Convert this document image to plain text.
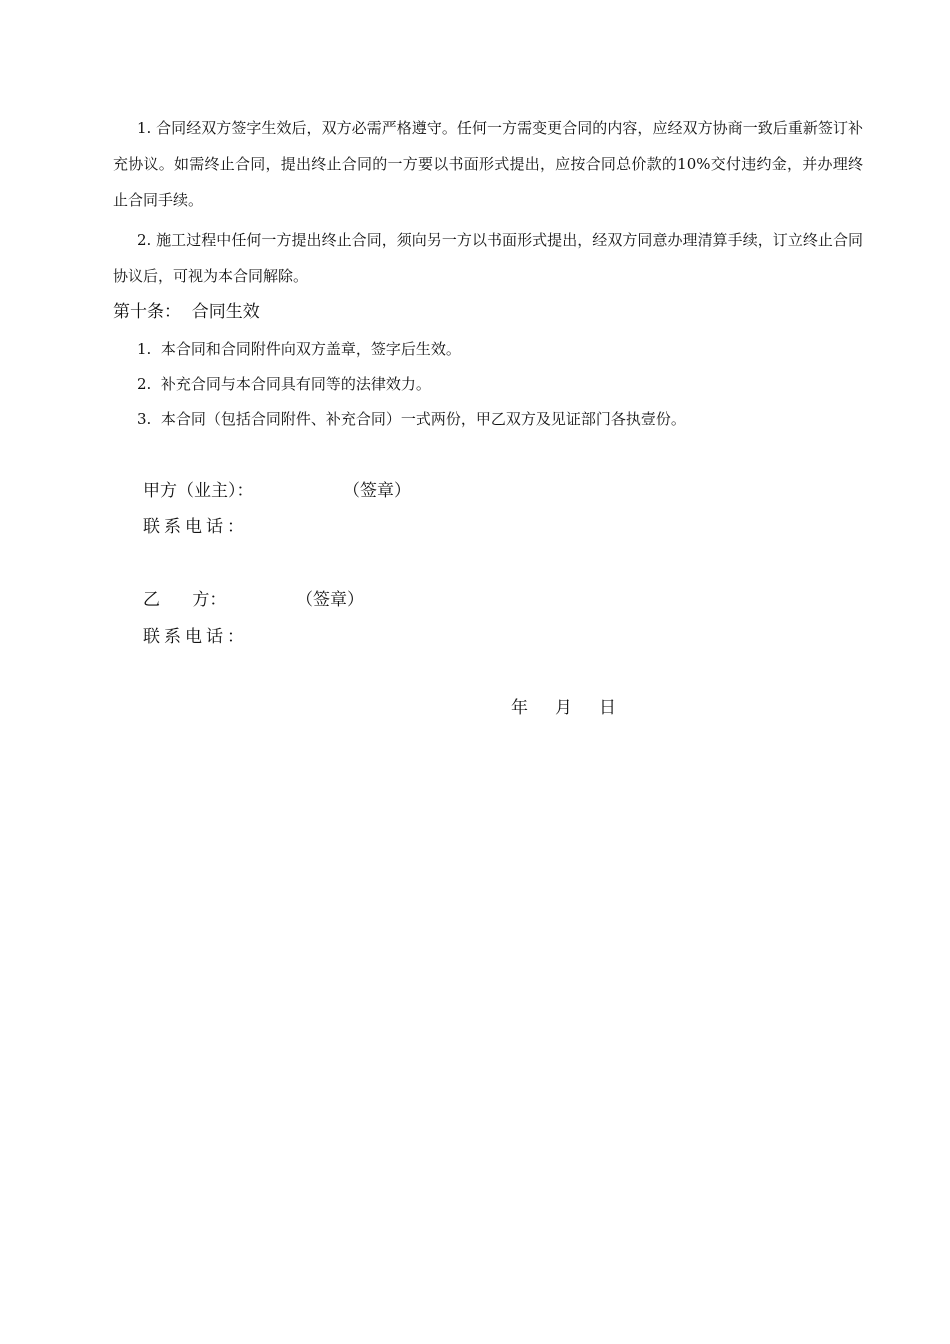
1. 合同经双方签字生效后，双方必需严格遵守。任何一方需变更合同的内容，应经双方协商一致后重新签订补充协议。如需终止合同，提出终止合同的一方要以书面形式提出，应按合同总价款的10%交付违约金，并办理终止合同手续。

2. 施工过程中任何一方提出终止合同，须向另一方以书面形式提出，经双方同意办理清算手续，订立终止合同协议后，可视为本合同解除。

第十条：  合同生效
1.  本合同和合同附件向双方盖章，签字后生效。
2.  补充合同与本合同具有同等的法律效力。
3.  本合同（包括合同附件、补充合同）一式两份，甲乙双方及见证部门各执壹份。
甲方（业主）：	（签章）
联系电话：
乙      方：	（签章）
联系电话：
年     月     日
